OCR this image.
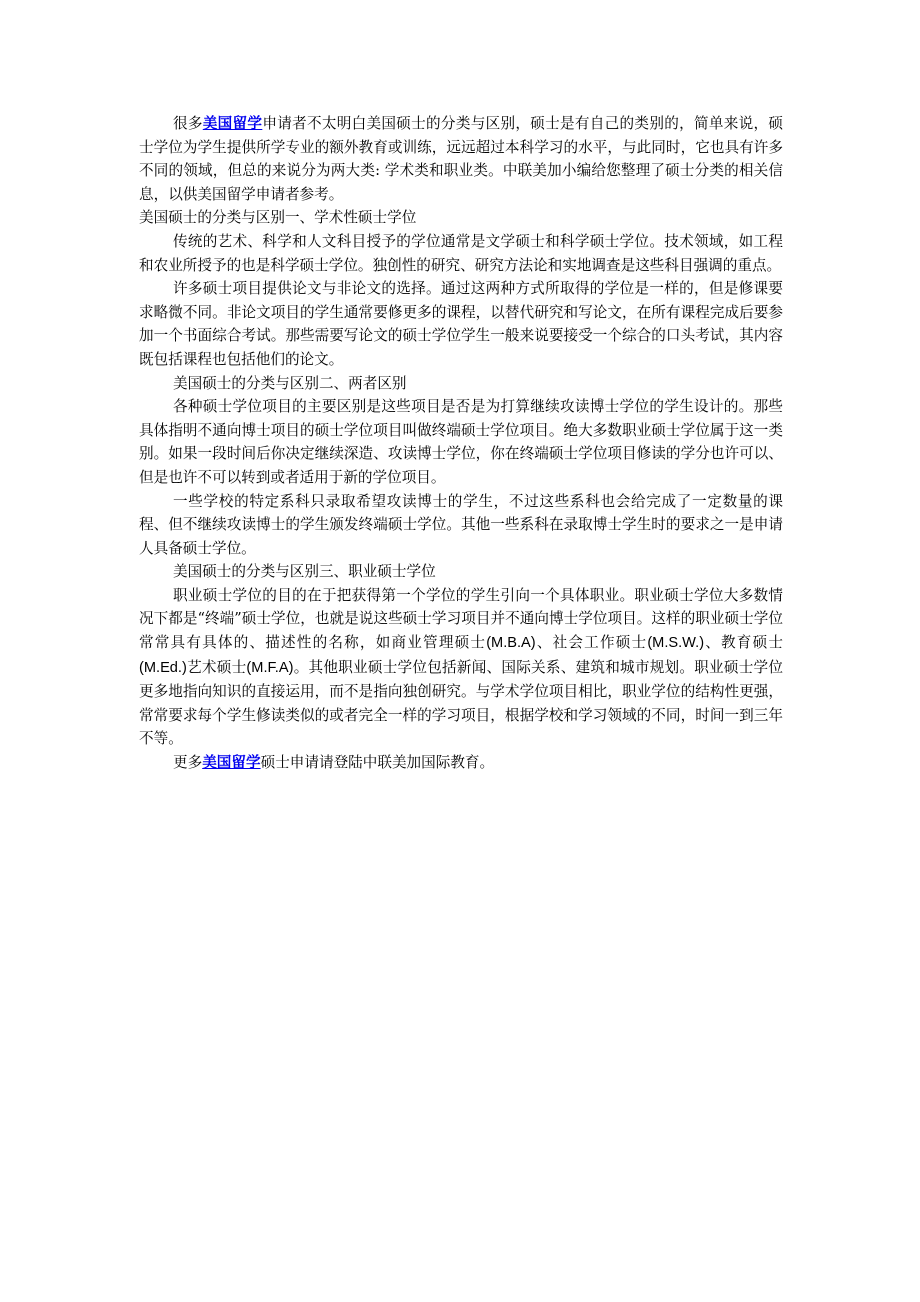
很多美国留学申请者不太明白美国硕士的分类与区别，硕士是有自己的类别的，简单来说，硕士学位为学生提供所学专业的额外教育或训练，远远超过本科学习的水平，与此同时，它也具有许多不同的领域，但总的来说分为两大类: 学术类和职业类。中联美加小编给您整理了硕士分类的相关信息，以供美国留学申请者参考。

美国硕士的分类与区别一、学术性硕士学位

传统的艺术、科学和人文科目授予的学位通常是文学硕士和科学硕士学位。技术领域，如工程和农业所授予的也是科学硕士学位。独创性的研究、研究方法论和实地调查是这些科目强调的重点。

许多硕士项目提供论文与非论文的选择。通过这两种方式所取得的学位是一样的，但是修课要求略微不同。非论文项目的学生通常要修更多的课程，以替代研究和写论文，在所有课程完成后要参加一个书面综合考试。那些需要写论文的硕士学位学生一般来说要接受一个综合的口头考试，其内容既包括课程也包括他们的论文。

美国硕士的分类与区别二、两者区别

各种硕士学位项目的主要区别是这些项目是否是为打算继续攻读博士学位的学生设计的。那些具体指明不通向博士项目的硕士学位项目叫做终端硕士学位项目。绝大多数职业硕士学位属于这一类别。如果一段时间后你决定继续深造、攻读博士学位，你在终端硕士学位项目修读的学分也许可以、但是也许不可以转到或者适用于新的学位项目。

一些学校的特定系科只录取希望攻读博士的学生，不过这些系科也会给完成了一定数量的课程、但不继续攻读博士的学生颁发终端硕士学位。其他一些系科在录取博士学生时的要求之一是申请人具备硕士学位。

美国硕士的分类与区别三、职业硕士学位

职业硕士学位的目的在于把获得第一个学位的学生引向一个具体职业。职业硕士学位大多数情况下都是“终端”硕士学位，也就是说这些硕士学习项目并不通向博士学位项目。这样的职业硕士学位常常具有具体的、描述性的名称，如商业管理硕士(M.B.A)、社会工作硕士(M.S.W.)、教育硕士(M.Ed.)艺术硕士(M.F.A)。其他职业硕士学位包括新闻、国际关系、建筑和城市规划。职业硕士学位更多地指向知识的直接运用，而不是指向独创研究。与学术学位项目相比，职业学位的结构性更强，常常要求每个学生修读类似的或者完全一样的学习项目，根据学校和学习领域的不同，时间一到三年不等。

更多美国留学硕士申请请登陆中联美加国际教育。
